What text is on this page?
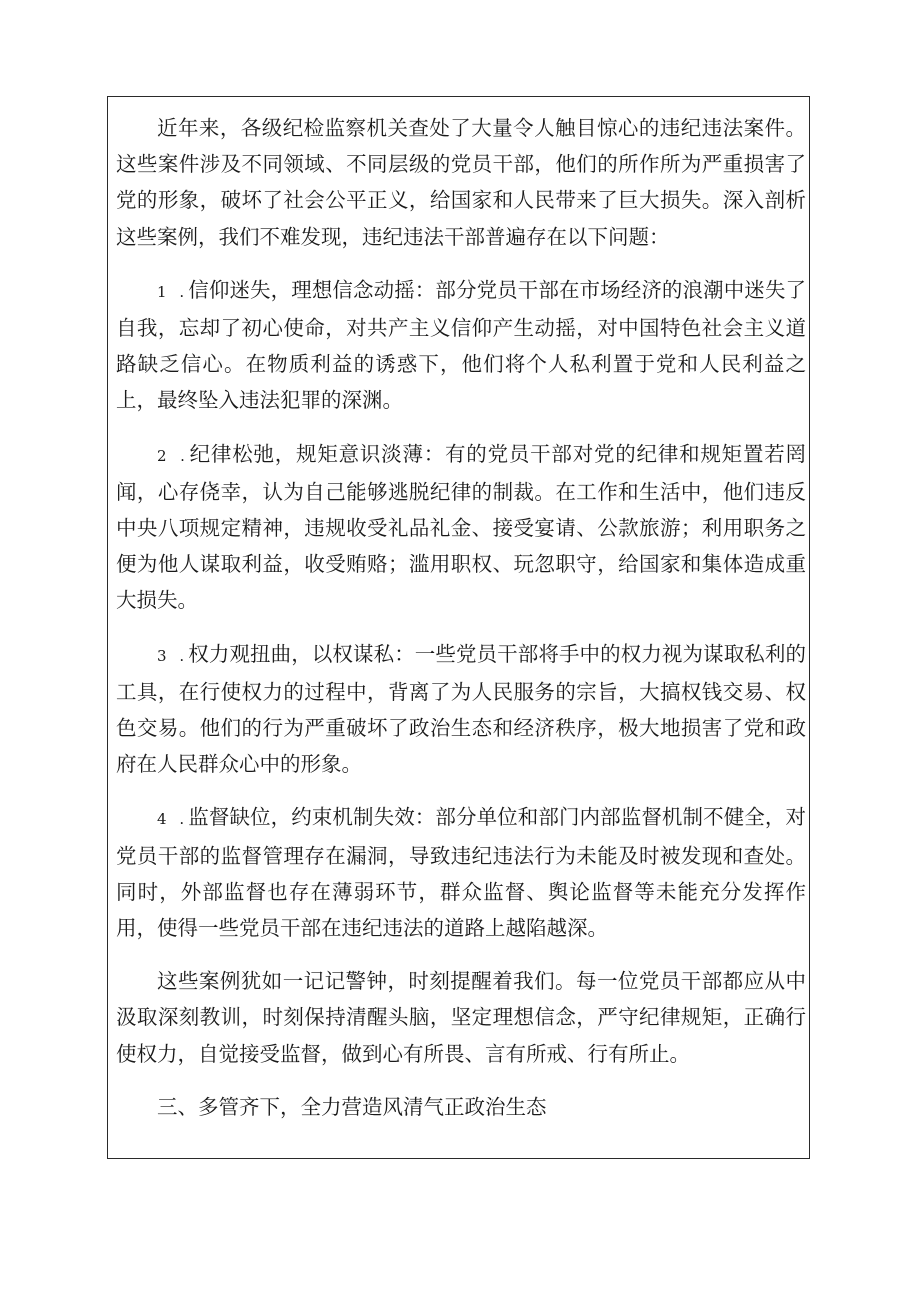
近年来，各级纪检监察机关查处了大量令人触目惊心的违纪违法案件。这些案件涉及不同领域、不同层级的党员干部，他们的所作所为严重损害了党的形象，破坏了社会公平正义，给国家和人民带来了巨大损失。深入剖析这些案例，我们不难发现，违纪违法干部普遍存在以下问题：

1 .信仰迷失，理想信念动摇：部分党员干部在市场经济的浪潮中迷失了自我，忘却了初心使命，对共产主义信仰产生动摇，对中国特色社会主义道路缺乏信心。在物质利益的诱惑下，他们将个人私利置于党和人民利益之上，最终坠入违法犯罪的深渊。

2 .纪律松弛，规矩意识淡薄：有的党员干部对党的纪律和规矩置若罔闻，心存侥幸，认为自己能够逃脱纪律的制裁。在工作和生活中，他们违反中央八项规定精神，违规收受礼品礼金、接受宴请、公款旅游；利用职务之便为他人谋取利益，收受贿赂；滥用职权、玩忽职守，给国家和集体造成重大损失。

3 .权力观扭曲，以权谋私：一些党员干部将手中的权力视为谋取私利的工具，在行使权力的过程中，背离了为人民服务的宗旨，大搞权钱交易、权色交易。他们的行为严重破坏了政治生态和经济秩序，极大地损害了党和政府在人民群众心中的形象。

4 .监督缺位，约束机制失效：部分单位和部门内部监督机制不健全，对党员干部的监督管理存在漏洞，导致违纪违法行为未能及时被发现和查处。同时，外部监督也存在薄弱环节，群众监督、舆论监督等未能充分发挥作用，使得一些党员干部在违纪违法的道路上越陷越深。

这些案例犹如一记记警钟，时刻提醒着我们。每一位党员干部都应从中汲取深刻教训，时刻保持清醒头脑，坚定理想信念，严守纪律规矩，正确行使权力，自觉接受监督，做到心有所畏、言有所戒、行有所止。

三、多管齐下，全力营造风清气正政治生态
